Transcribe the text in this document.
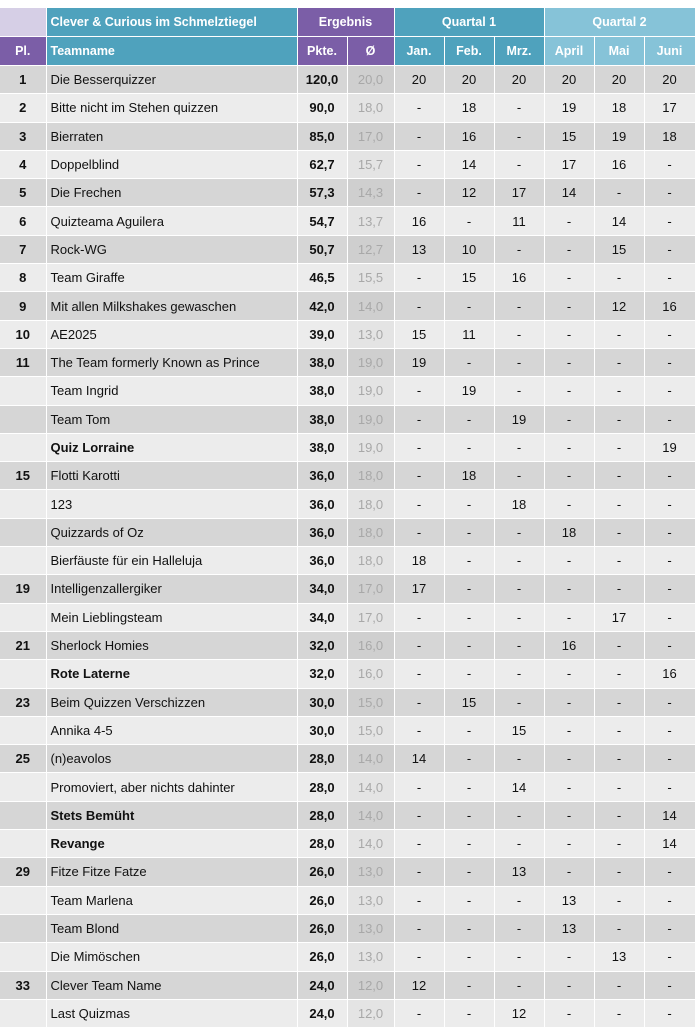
	Clever & Curious im Schmelztiegel	Ergebnis		Quartal 1			Quartal 2		
Pl.	Teamname	Pkte.	Ø	Jan.	Feb.	Mrz.	April	Mai	Juni
1	Die Besserquizzer	120,0	20,0	20	20	20	20	20	20
2	Bitte nicht im Stehen quizzen	90,0	18,0	-	18	-	19	18	17
3	Bierraten	85,0	17,0	-	16	-	15	19	18
4	Doppelblind	62,7	15,7	-	14	-	17	16	-
5	Die Frechen	57,3	14,3	-	12	17	14	-	-
6	Quizteama Aguilera	54,7	13,7	16	-	11	-	14	-
7	Rock-WG	50,7	12,7	13	10	-	-	15	-
8	Team Giraffe	46,5	15,5	-	15	16	-	-	-
9	Mit allen Milkshakes gewaschen	42,0	14,0	-	-	-	-	12	16
10	AE2025	39,0	13,0	15	11	-	-	-	-
11	The Team formerly Known as Prince	38,0	19,0	19	-	-	-	-	-
	Team Ingrid	38,0	19,0	-	19	-	-	-	-
	Team Tom	38,0	19,0	-	-	19	-	-	-
	Quiz Lorraine	38,0	19,0	-	-	-	-	-	19
15	Flotti Karotti	36,0	18,0	-	18	-	-	-	-
	123	36,0	18,0	-	-	18	-	-	-
	Quizzards of Oz	36,0	18,0	-	-	-	18	-	-
	Bierfäuste für ein Halleluja	36,0	18,0	18	-	-	-	-	-
19	Intelligenzallergiker	34,0	17,0	17	-	-	-	-	-
	Mein Lieblingsteam	34,0	17,0	-	-	-	-	17	-
21	Sherlock Homies	32,0	16,0	-	-	-	16	-	-
	Rote Laterne	32,0	16,0	-	-	-	-	-	16
23	Beim Quizzen Verschizzen	30,0	15,0	-	15	-	-	-	-
	Annika 4-5	30,0	15,0	-	-	15	-	-	-
25	(n)eavolos	28,0	14,0	14	-	-	-	-	-
	Promoviert, aber nichts dahinter	28,0	14,0	-	-	14	-	-	-
	Stets Bemüht	28,0	14,0	-	-	-	-	-	14
	Revange	28,0	14,0	-	-	-	-	-	14
29	Fitze Fitze Fatze	26,0	13,0	-	-	13	-	-	-
	Team Marlena	26,0	13,0	-	-	-	13	-	-
	Team Blond	26,0	13,0	-	-	-	13	-	-
	Die Mimöschen	26,0	13,0	-	-	-	-	13	-
33	Clever Team Name	24,0	12,0	12	-	-	-	-	-
	Last Quizmas	24,0	12,0	-	-	12	-	-	-
